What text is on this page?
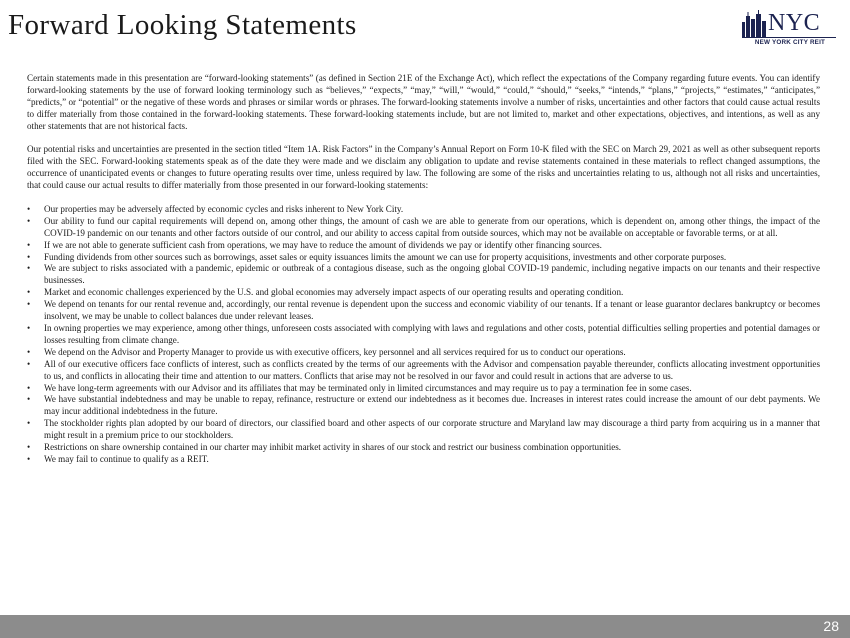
Forward Looking Statements	NYC
NEW YORK CITY REIT

Certain statements made in this presentation are “forward-looking statements” (as defined in Section 21E of the Exchange Act), which reflect the expectations of the Company regarding future events. You can identify forward-looking statements by the use of forward looking terminology such as “believes,” “expects,” “may,” “will,” “would,” “could,” “should,” “seeks,” “intends,” “plans,” “projects,” “estimates,” “anticipates,” “predicts,” or “potential” or the negative of these words and phrases or similar words or phrases. The forward-looking statements involve a number of risks, uncertainties and other factors that could cause actual results to differ materially from those contained in the forward-looking statements. These forward-looking statements include, but are not limited to, market and other expectations, objectives, and intentions, as well as any other statements that are not historical facts.

Our potential risks and uncertainties are presented in the section titled “Item 1A. Risk Factors” in the Company’s Annual Report on Form 10-K filed with the SEC on March 29, 2021 as well as other subsequent reports filed with the SEC. Forward-looking statements speak as of the date they were made and we disclaim any obligation to update and revise statements contained in these materials to reflect changed assumptions, the occurrence of unanticipated events or changes to future operating results over time, unless required by law. The following are some of the risks and uncertainties relating to us, although not all risks and uncertainties, that could cause our actual results to differ materially from those presented in our forward-looking statements:

• Our properties may be adversely affected by economic cycles and risks inherent to New York City.
• Our ability to fund our capital requirements will depend on, among other things, the amount of cash we are able to generate from our operations, which is dependent on, among other things, the impact of the COVID-19 pandemic on our tenants and other factors outside of our control, and our ability to access capital from outside sources, which may not be available on acceptable or favorable terms, or at all.
• If we are not able to generate sufficient cash from operations, we may have to reduce the amount of dividends we pay or identify other financing sources.
• Funding dividends from other sources such as borrowings, asset sales or equity issuances limits the amount we can use for property acquisitions, investments and other corporate purposes.
• We are subject to risks associated with a pandemic, epidemic or outbreak of a contagious disease, such as the ongoing global COVID-19 pandemic, including negative impacts on our tenants and their respective businesses.
• Market and economic challenges experienced by the U.S. and global economies may adversely impact aspects of our operating results and operating condition.
• We depend on tenants for our rental revenue and, accordingly, our rental revenue is dependent upon the success and economic viability of our tenants. If a tenant or lease guarantor declares bankruptcy or becomes insolvent, we may be unable to collect balances due under relevant leases.
• In owning properties we may experience, among other things, unforeseen costs associated with complying with laws and regulations and other costs, potential difficulties selling properties and potential damages or losses resulting from climate change.
• We depend on the Advisor and Property Manager to provide us with executive officers, key personnel and all services required for us to conduct our operations.
• All of our executive officers face conflicts of interest, such as conflicts created by the terms of our agreements with the Advisor and compensation payable thereunder, conflicts allocating investment opportunities to us, and conflicts in allocating their time and attention to our matters. Conflicts that arise may not be resolved in our favor and could result in actions that are adverse to us.
• We have long-term agreements with our Advisor and its affiliates that may be terminated only in limited circumstances and may require us to pay a termination fee in some cases.
• We have substantial indebtedness and may be unable to repay, refinance, restructure or extend our indebtedness as it becomes due. Increases in interest rates could increase the amount of our debt payments. We may incur additional indebtedness in the future.
• The stockholder rights plan adopted by our board of directors, our classified board and other aspects of our corporate structure and Maryland law may discourage a third party from acquiring us in a manner that might result in a premium price to our stockholders.
• Restrictions on share ownership contained in our charter may inhibit market activity in shares of our stock and restrict our business combination opportunities.
• We may fail to continue to qualify as a REIT.
28
